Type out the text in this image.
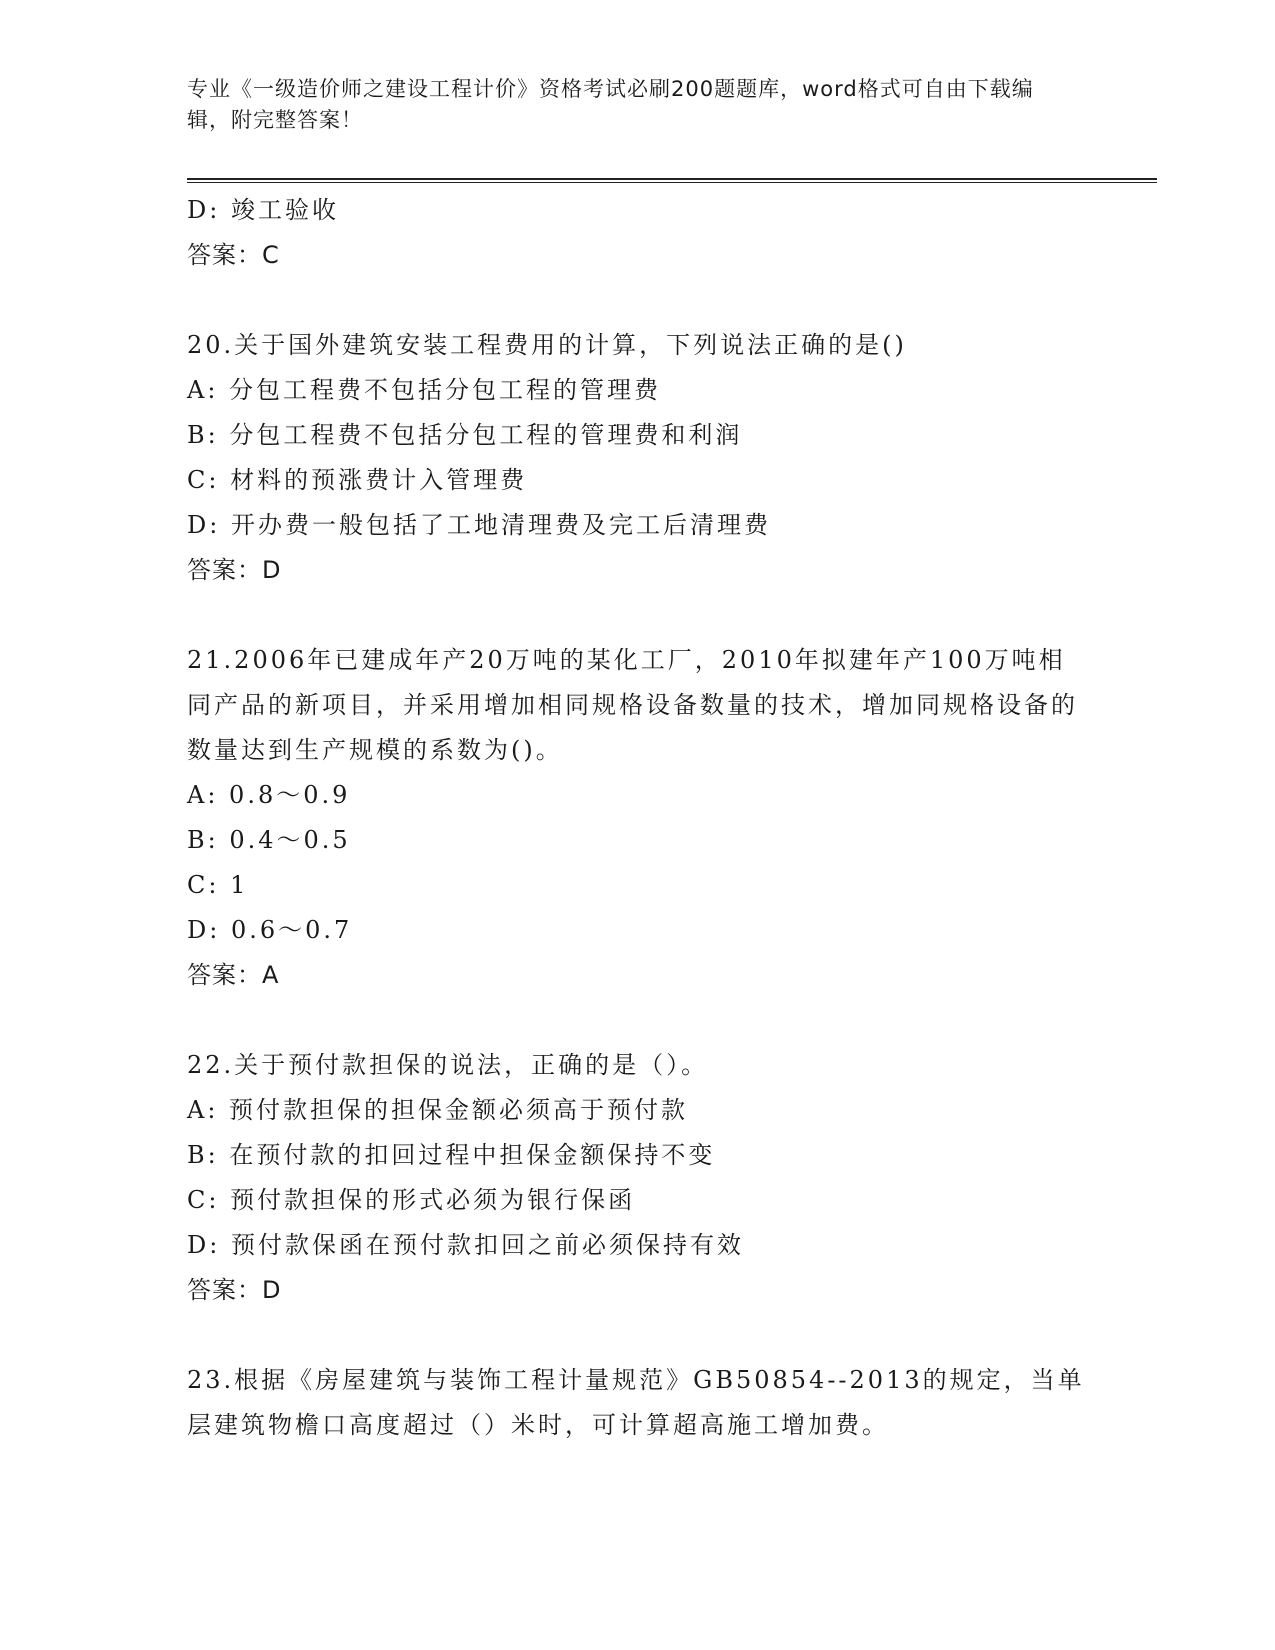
专业《一级造价师之建设工程计价》资格考试必刷200题题库，word格式可自由下载编辑，附完整答案！
D: 竣工验收
答案：C
20.关于国外建筑安装工程费用的计算，下列说法正确的是()
A: 分包工程费不包括分包工程的管理费
B: 分包工程费不包括分包工程的管理费和利润
C: 材料的预涨费计入管理费
D: 开办费一般包括了工地清理费及完工后清理费
答案：D
21.2006年已建成年产20万吨的某化工厂，2010年拟建年产100万吨相同产品的新项目，并采用增加相同规格设备数量的技术，增加同规格设备的数量达到生产规模的系数为()。
A: 0.8～0.9
B: 0.4～0.5
C: 1
D: 0.6～0.7
答案：A
22.关于预付款担保的说法，正确的是（）。
A: 预付款担保的担保金额必须高于预付款
B: 在预付款的扣回过程中担保金额保持不变
C: 预付款担保的形式必须为银行保函
D: 预付款保函在预付款扣回之前必须保持有效
答案：D
23.根据《房屋建筑与装饰工程计量规范》GB50854--2013的规定，当单层建筑物檐口高度超过（）米时，可计算超高施工增加费。
